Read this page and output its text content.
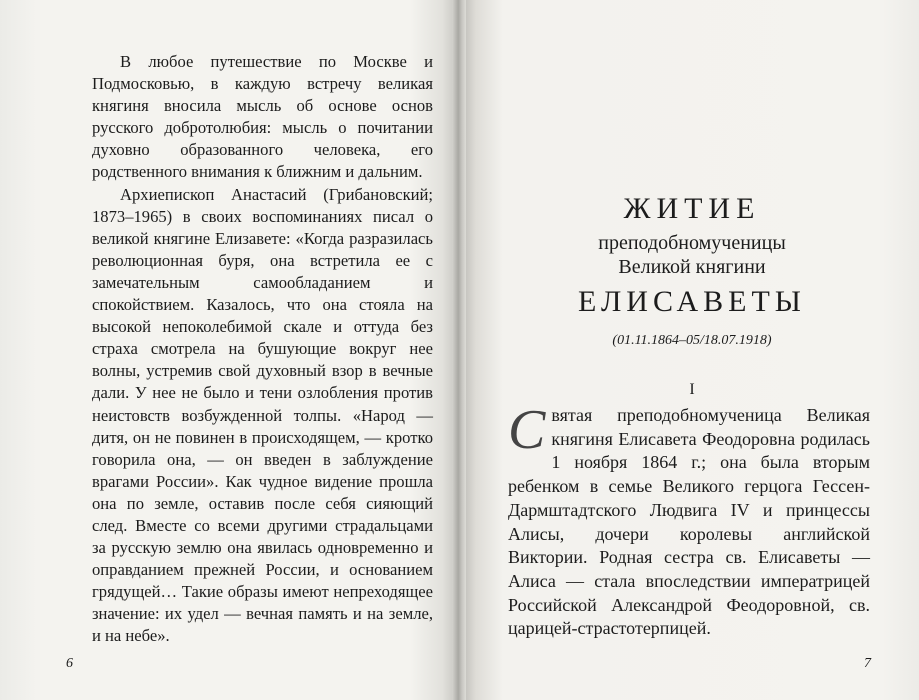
В любое путешествие по Москве и Подмосковью, в каждую встречу великая княгиня вносила мысль об основе основ русского добротолюбия: мысль о почитании духовно образованного человека, его родственного внимания к ближним и дальним.

Архиепископ Анастасий (Грибановский; 1873–1965) в своих воспоминаниях писал о великой княгине Елизавете: «Когда разразилась революционная буря, она встретила ее с замечательным самообладанием и спокойствием. Казалось, что она стояла на высокой непоколебимой скале и оттуда без страха смотрела на бушующие вокруг нее волны, устремив свой духовный взор в вечные дали. У нее не было и тени озлобления против неистовств возбужденной толпы. «Народ — дитя, он не повинен в происходящем, — кротко говорила она, — он введен в заблуждение врагами России». Как чудное видение прошла она по земле, оставив после себя сияющий след. Вместе со всеми другими страдальцами за русскую землю она явилась одновременно и оправданием прежней России, и основанием грядущей… Такие образы имеют непреходящее значение: их удел — вечная память и на земле, и на небе».

6

ЖИТИЕ

преподобномученицы

Великой княгини

ЕЛИСАВЕТЫ

(01.11.1864–05/18.07.1918)

I

Святая преподобномученица Великая княгиня Елисавета Феодоровна родилась 1 ноября 1864 г.; она была вторым ребенком в семье Великого герцога Гессен-Дармштадтского Людвига IV и принцессы Алисы, дочери королевы английской Виктории. Родная сестра св. Елисаветы — Алиса — стала впоследствии императрицей Российской Александрой Феодоровной, св. царицей-страстотерпицей.

7
